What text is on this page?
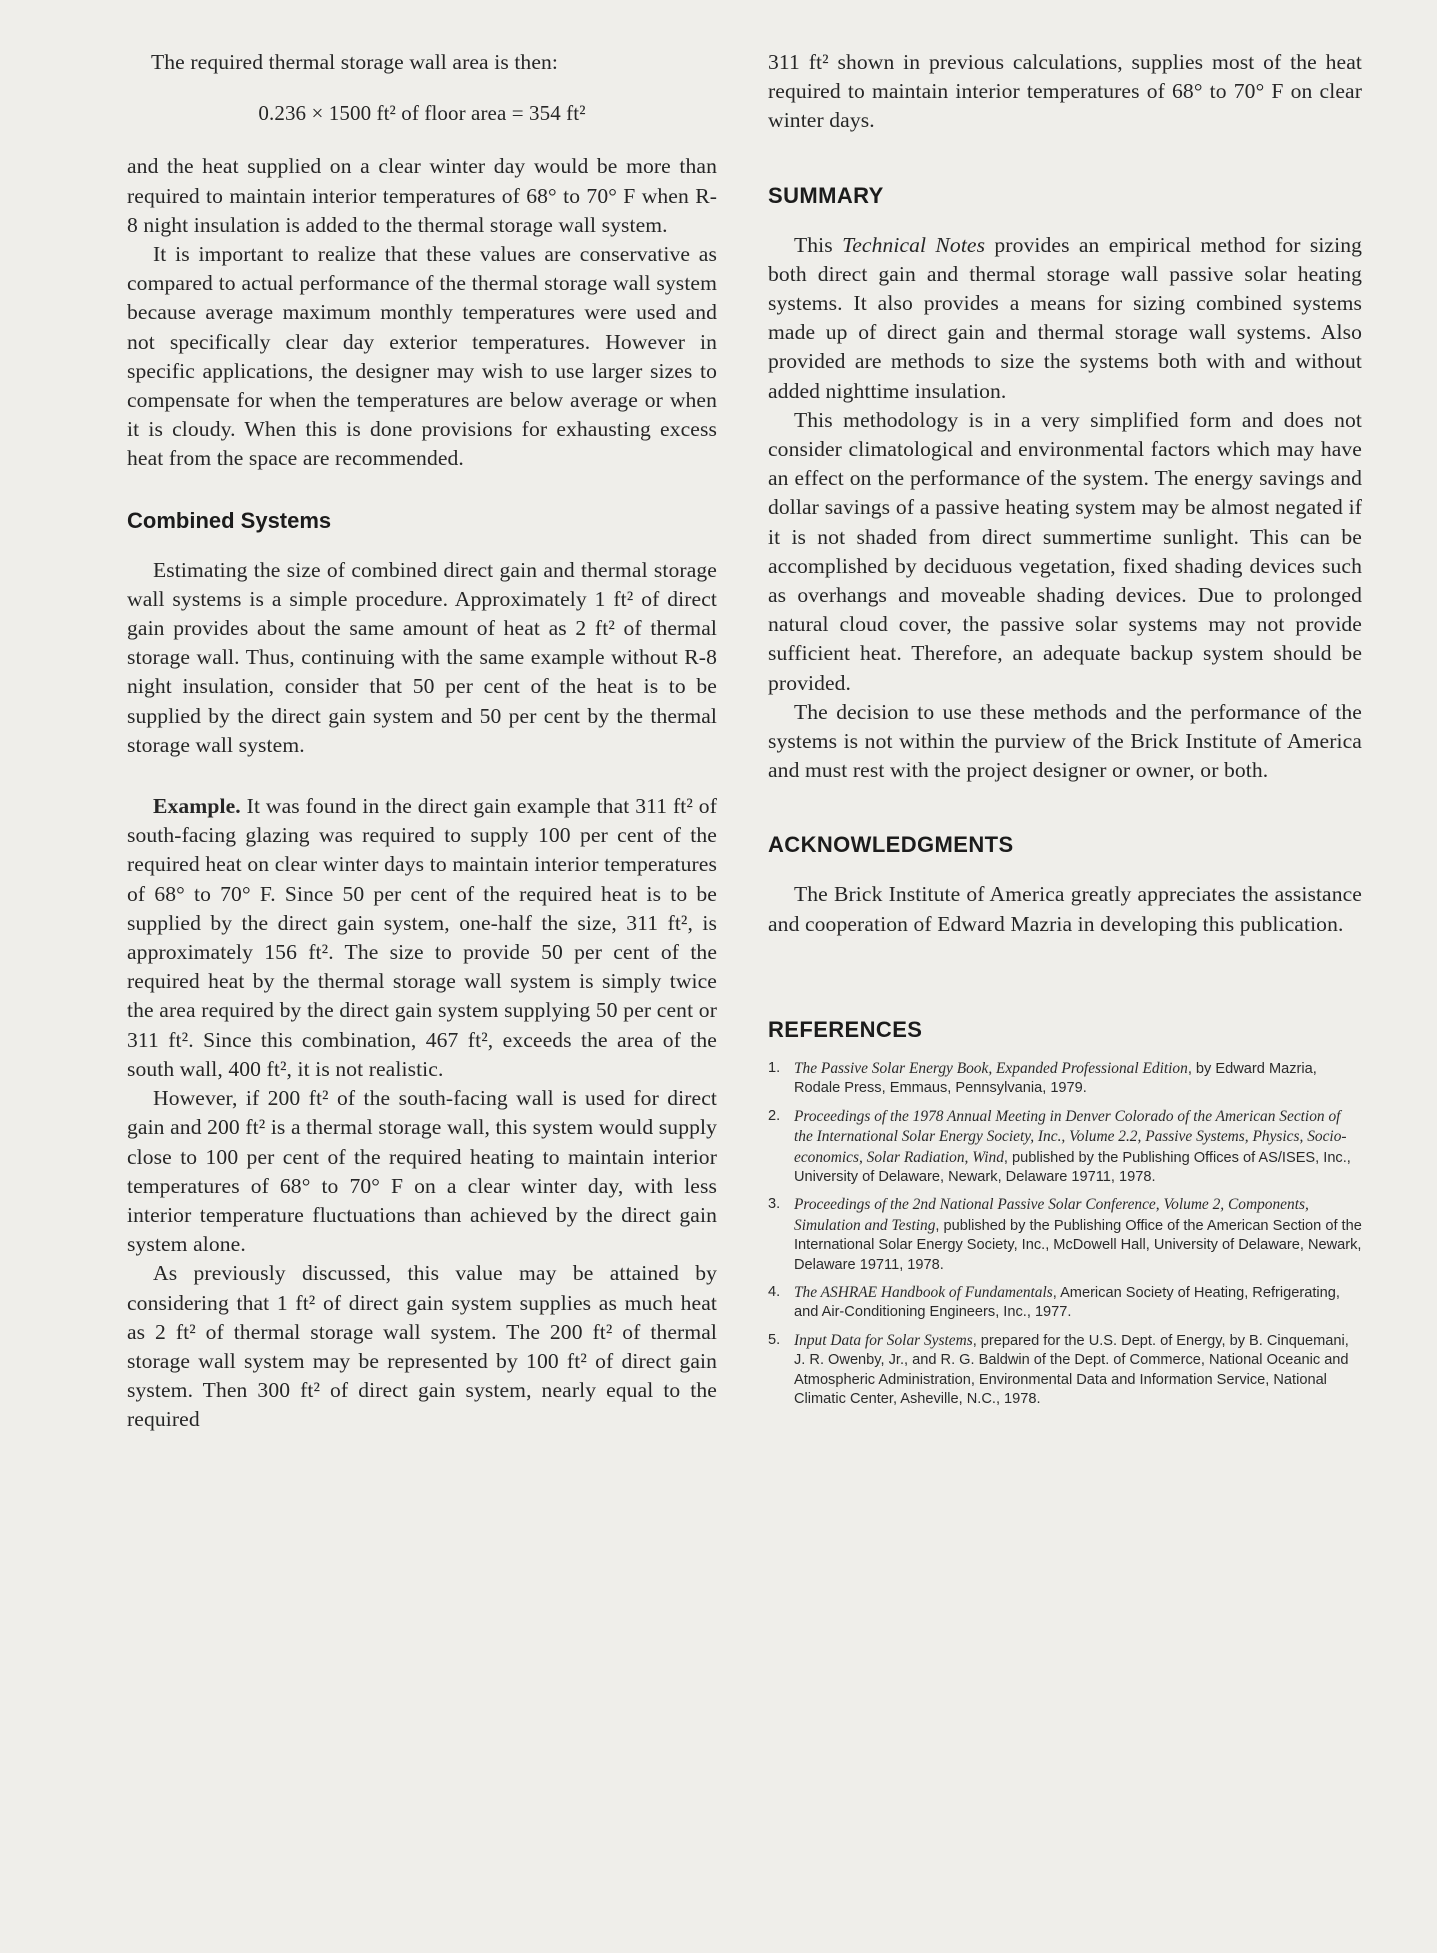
The required thermal storage wall area is then:

0.236 × 1500 ft² of floor area = 354 ft²

and the heat supplied on a clear winter day would be more than required to maintain interior temperatures of 68° to 70° F when R-8 night insulation is added to the thermal storage wall system.

It is important to realize that these values are conservative as compared to actual performance of the thermal storage wall system because average maximum monthly temperatures were used and not specifically clear day exterior temperatures. However in specific applications, the designer may wish to use larger sizes to compensate for when the temperatures are below average or when it is cloudy. When this is done provisions for exhausting excess heat from the space are recommended.

Combined Systems

Estimating the size of combined direct gain and thermal storage wall systems is a simple procedure. Approximately 1 ft² of direct gain provides about the same amount of heat as 2 ft² of thermal storage wall. Thus, continuing with the same example without R-8 night insulation, consider that 50 per cent of the heat is to be supplied by the direct gain system and 50 per cent by the thermal storage wall system.

Example. It was found in the direct gain example that 311 ft² of south-facing glazing was required to supply 100 per cent of the required heat on clear winter days to maintain interior temperatures of 68° to 70° F. Since 50 per cent of the required heat is to be supplied by the direct gain system, one-half the size, 311 ft², is approximately 156 ft². The size to provide 50 per cent of the required heat by the thermal storage wall system is simply twice the area required by the direct gain system supplying 50 per cent or 311 ft². Since this combination, 467 ft², exceeds the area of the south wall, 400 ft², it is not realistic.

However, if 200 ft² of the south-facing wall is used for direct gain and 200 ft² is a thermal storage wall, this system would supply close to 100 per cent of the required heating to maintain interior temperatures of 68° to 70° F on a clear winter day, with less interior temperature fluctuations than achieved by the direct gain system alone.

As previously discussed, this value may be attained by considering that 1 ft² of direct gain system supplies as much heat as 2 ft² of thermal storage wall system. The 200 ft² of thermal storage wall system may be represented by 100 ft² of direct gain system. Then 300 ft² of direct gain system, nearly equal to the required

311 ft² shown in previous calculations, supplies most of the heat required to maintain interior temperatures of 68° to 70° F on clear winter days.

SUMMARY

This Technical Notes provides an empirical method for sizing both direct gain and thermal storage wall passive solar heating systems. It also provides a means for sizing combined systems made up of direct gain and thermal storage wall systems. Also provided are methods to size the systems both with and without added nighttime insulation.

This methodology is in a very simplified form and does not consider climatological and environmental factors which may have an effect on the performance of the system. The energy savings and dollar savings of a passive heating system may be almost negated if it is not shaded from direct summertime sunlight. This can be accomplished by deciduous vegetation, fixed shading devices such as overhangs and moveable shading devices. Due to prolonged natural cloud cover, the passive solar systems may not provide sufficient heat. Therefore, an adequate backup system should be provided.

The decision to use these methods and the performance of the systems is not within the purview of the Brick Institute of America and must rest with the project designer or owner, or both.

ACKNOWLEDGMENTS

The Brick Institute of America greatly appreciates the assistance and cooperation of Edward Mazria in developing this publication.

REFERENCES
1. The Passive Solar Energy Book, Expanded Professional Edition, by Edward Mazria, Rodale Press, Emmaus, Pennsylvania, 1979.
2. Proceedings of the 1978 Annual Meeting in Denver Colorado of the American Section of the International Solar Energy Society, Inc., Volume 2.2, Passive Systems, Physics, Socio-economics, Solar Radiation, Wind, published by the Publishing Offices of AS/ISES, Inc., University of Delaware, Newark, Delaware 19711, 1978.
3. Proceedings of the 2nd National Passive Solar Conference, Volume 2, Components, Simulation and Testing, published by the Publishing Office of the American Section of the International Solar Energy Society, Inc., McDowell Hall, University of Delaware, Newark, Delaware 19711, 1978.
4. The ASHRAE Handbook of Fundamentals, American Society of Heating, Refrigerating, and Air-Conditioning Engineers, Inc., 1977.
5. Input Data for Solar Systems, prepared for the U.S. Dept. of Energy, by B. Cinquemani, J. R. Owenby, Jr., and R. G. Baldwin of the Dept. of Commerce, National Oceanic and Atmospheric Administration, Environmental Data and Information Service, National Climatic Center, Asheville, N.C., 1978.
